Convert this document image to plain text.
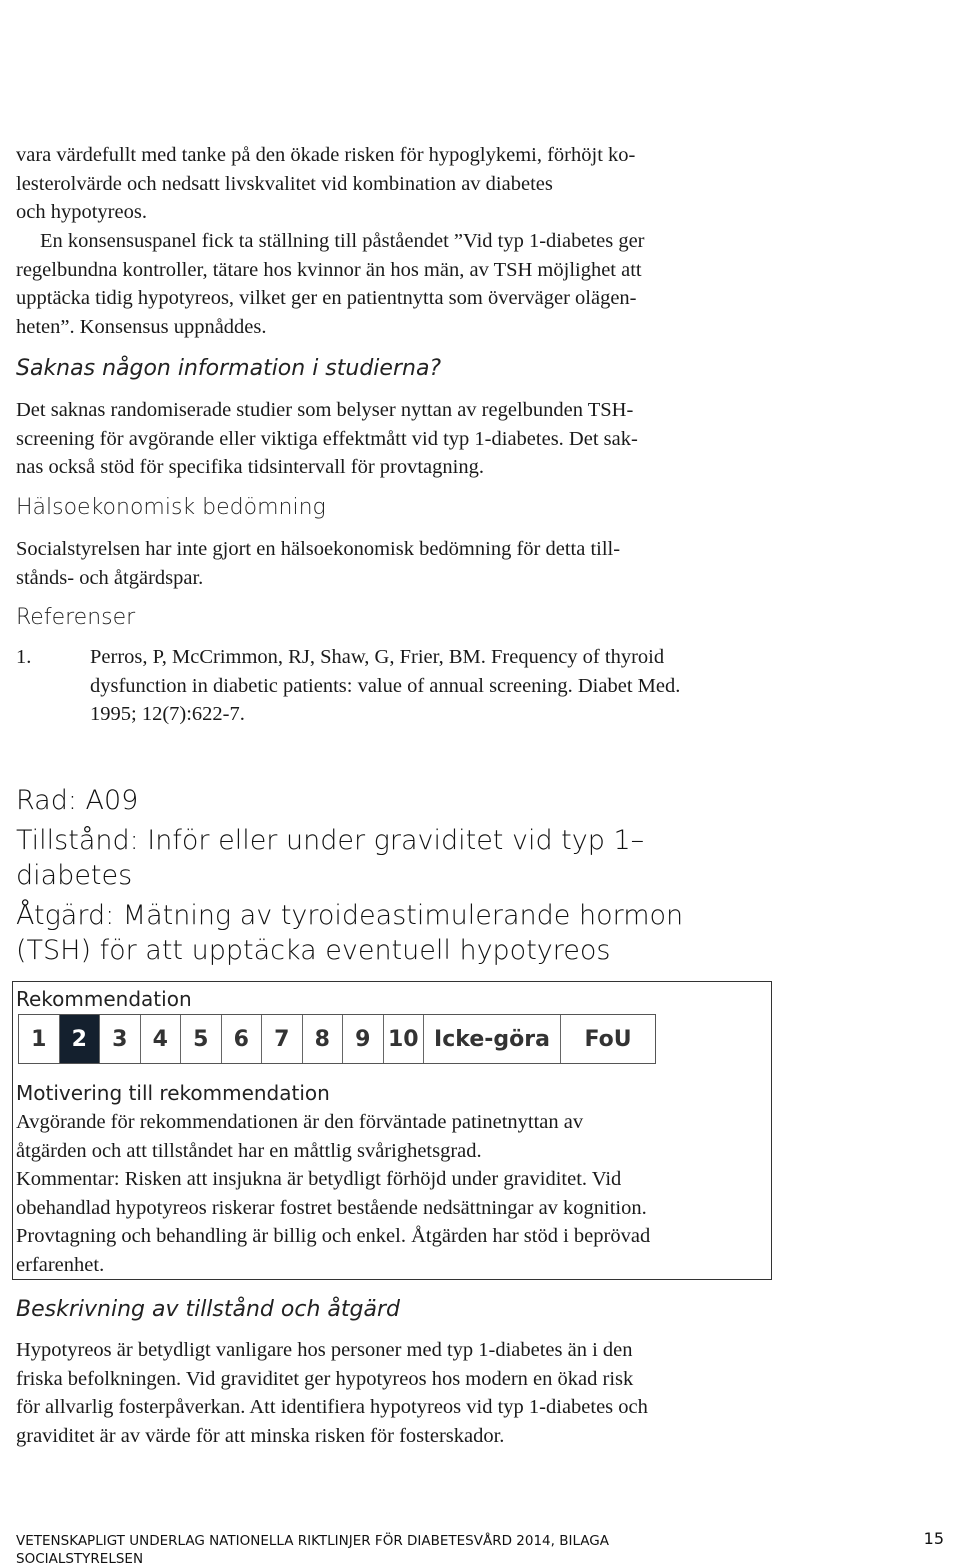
vara värdefullt med tanke på den ökade risken för hypoglykemi, förhöjt ko-
lesterolvärde och nedsatt livskvalitet vid kombination av diabetes
och hypotyreos.
En konsensuspanel fick ta ställning till påståendet ”Vid typ 1-diabetes ger
regelbundna kontroller, tätare hos kvinnor än hos män, av TSH möjlighet att
upptäcka tidig hypotyreos, vilket ger en patientnytta som överväger olägen-
heten”. Konsensus uppnåddes.
Saknas någon information i studierna?
Det saknas randomiserade studier som belyser nyttan av regelbunden TSH-
screening för avgörande eller viktiga effektmått vid typ 1-diabetes. Det sak-
nas också stöd för specifika tidsintervall för provtagning.
Hälsoekonomisk bedömning
Socialstyrelsen har inte gjort en hälsoekonomisk bedömning för detta till-
stånds- och åtgärdspar.
Referenser
1.	Perros, P, McCrimmon, RJ, Shaw, G, Frier, BM. Frequency of thyroid
dysfunction in diabetic patients: value of annual screening. Diabet Med.
1995; 12(7):622-7.
Rad: A09
Tillstånd: Inför eller under graviditet vid typ 1–
diabetes
Åtgärd: Mätning av tyroideastimulerande hormon
(TSH) för att upptäcka eventuell hypotyreos
Rekommendation
1	2	3	4	5	6	7	8	9 10 Icke-göra	FoU
Motivering till rekommendation
Avgörande för rekommendationen är den förväntade patinetnyttan av
åtgärden och att tillståndet har en måttlig svårighetsgrad.
Kommentar: Risken att insjukna är betydligt förhöjd under graviditet. Vid
obehandlad hypotyreos riskerar fostret bestående nedsättningar av kognition.
Provtagning och behandling är billig och enkel. Åtgärden har stöd i beprövad
erfarenhet.
Beskrivning av tillstånd och åtgärd
Hypotyreos är betydligt vanligare hos personer med typ 1-diabetes än i den
friska befolkningen. Vid graviditet ger hypotyreos hos modern en ökad risk
för allvarlig fosterpåverkan. Att identifiera hypotyreos vid typ 1-diabetes och
graviditet är av värde för att minska risken för fosterskador.
VETENSKAPLIGT UNDERLAG NATIONELLA RIKTLINJER FÖR DIABETESVÅRD 2014, BILAGA
SOCIALSTYRELSEN
15
